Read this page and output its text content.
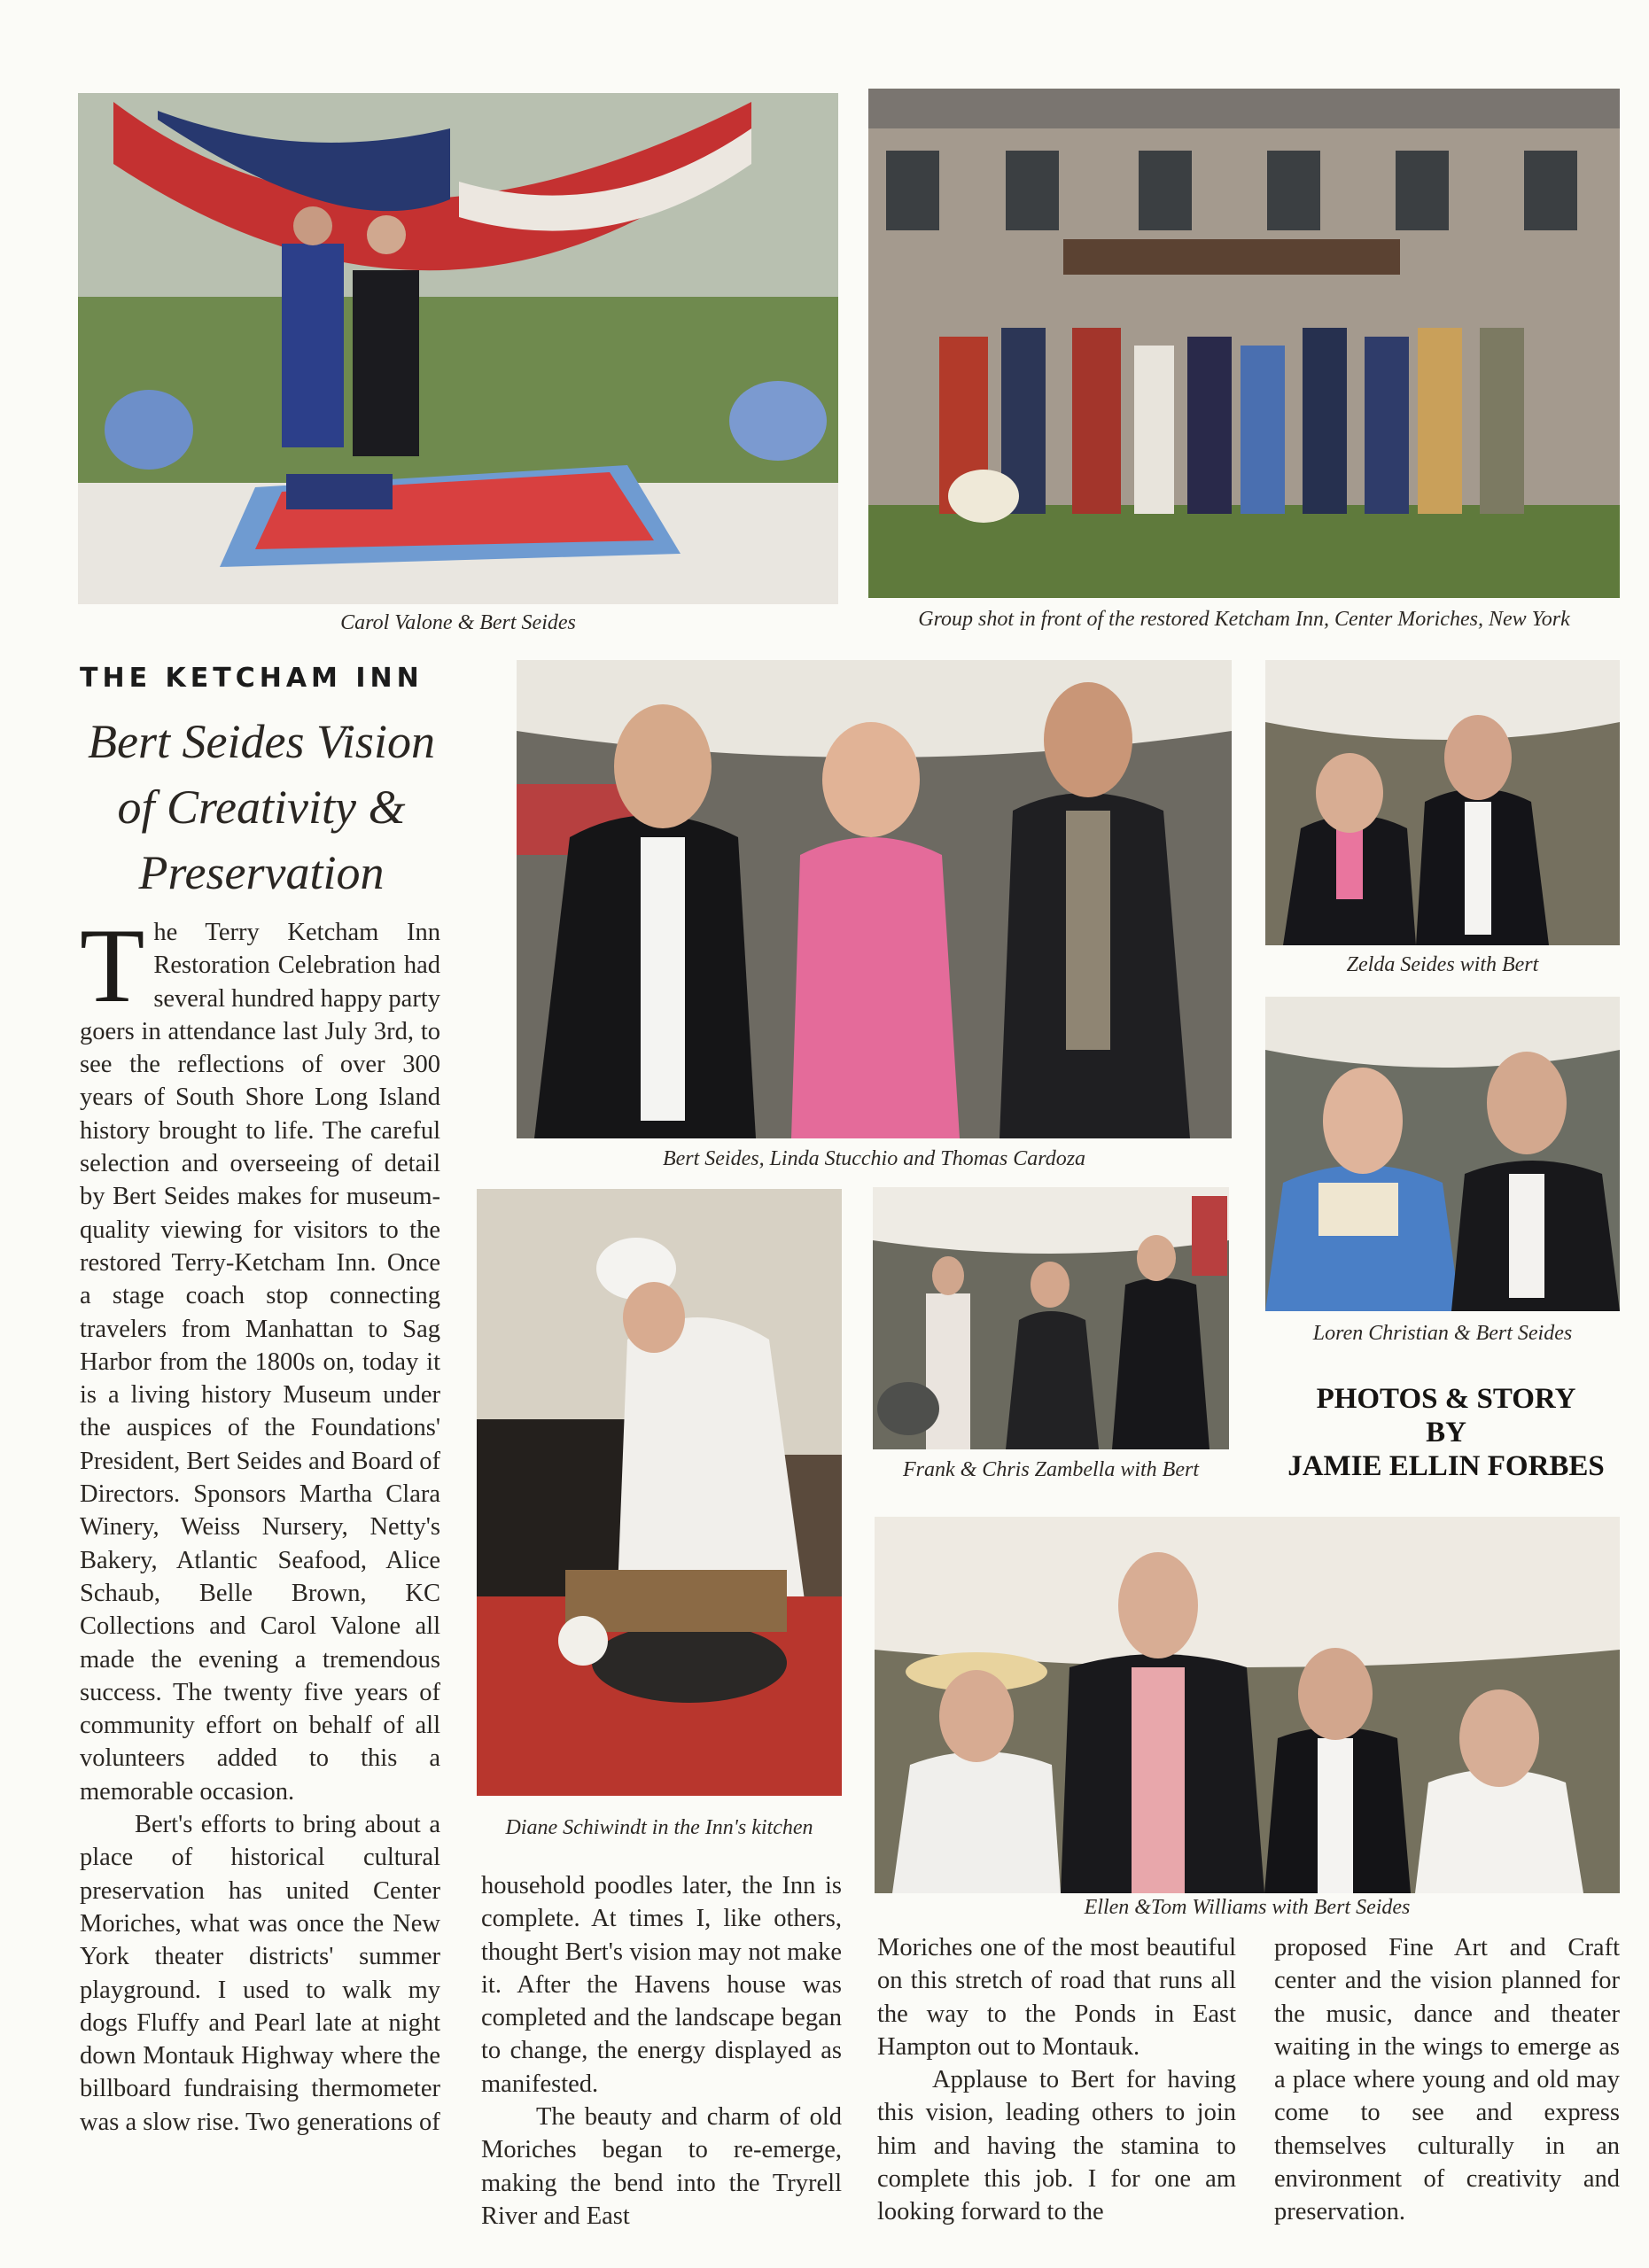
Carol Valone & Bert Seides	Group shot in front of the restored Ketcham Inn, Center Moriches, New York
THE KETCHAM INN
Bert Seides Vision
of Creativity &
Preservation
Bert Seides, Linda Stucchio and Thomas Cardoza
Zelda Seides with Bert
Loren Christian & Bert Seides
PHOTOS & STORY
BY
JAMIE ELLIN FORBES
Diane Schiwindt in the Inn's kitchen
Frank & Chris Zambella with Bert
Ellen &Tom Williams with Bert Seides

The Terry Ketcham Inn Restoration Celebration had several hundred happy party goers in attendance last July 3rd, to see the reflections of over 300 years of South Shore Long Island history brought to life. The careful selection and overseeing of detail by Bert Seides makes for museum-quality viewing for visitors to the restored Terry-Ketcham Inn. Once a stage coach stop connecting travelers from Manhattan to Sag Harbor from the 1800s on, today it is a living history Museum under the auspices of the Foundations' President, Bert Seides and Board of Directors. Sponsors Martha Clara Winery, Weiss Nursery, Netty's Bakery, Atlantic Seafood, Alice Schaub, Belle Brown, KC Collections and Carol Valone all made the evening a tremendous success. The twenty five years of community effort on behalf of all volunteers added to this a memorable occasion.

Bert's efforts to bring about a place of historical cultural preservation has united Center Moriches, what was once the New York theater districts' summer playground. I used to walk my dogs Fluffy and Pearl late at night down Montauk Highway where the billboard fundraising thermometer was a slow rise. Two generations of

household poodles later, the Inn is complete. At times I, like others, thought Bert's vision may not make it. After the Havens house was completed and the landscape began to change, the energy displayed as manifested.

The beauty and charm of old Moriches began to re-emerge, making the bend into the Tryrell River and East

Moriches one of the most beautiful on this stretch of road that runs all the way to the Ponds in East Hampton out to Montauk.

Applause to Bert for having this vision, leading others to join him and having the stamina to complete this job. I for one am looking forward to the

proposed Fine Art and Craft center and the vision planned for the music, dance and theater waiting in the wings to emerge as a place where young and old may come to see and express themselves culturally in an environment of creativity and preservation.
